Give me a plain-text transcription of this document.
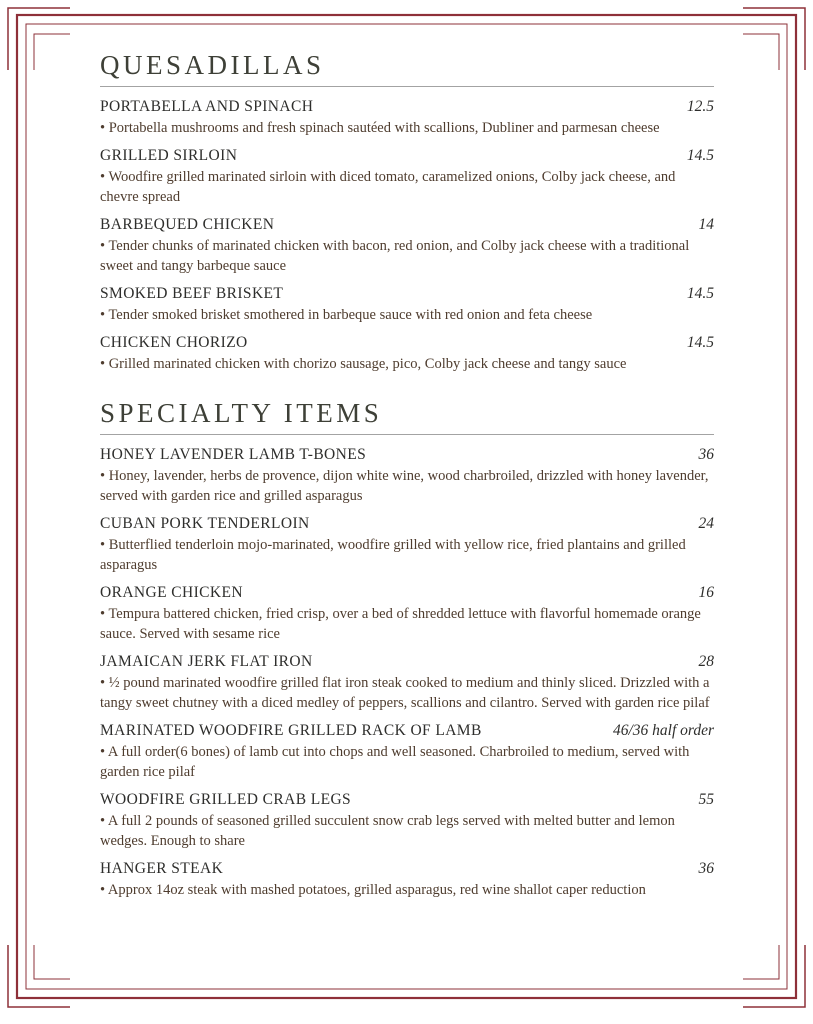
QUESADILLAS
PORTABELLA AND SPINACH	12.5
• Portabella mushrooms and fresh spinach sautéed with scallions, Dubliner and parmesan cheese
GRILLED SIRLOIN	14.5
• Woodfire grilled marinated sirloin with diced tomato, caramelized onions, Colby jack cheese, and chevre spread
BARBEQUED CHICKEN	14
• Tender chunks of marinated chicken with bacon, red onion, and Colby jack cheese with a traditional sweet and tangy barbeque sauce
SMOKED BEEF BRISKET	14.5
• Tender smoked brisket smothered in barbeque sauce with red onion and feta cheese
CHICKEN CHORIZO	14.5
• Grilled marinated chicken with chorizo sausage, pico, Colby jack cheese and tangy sauce
SPECIALTY ITEMS
HONEY LAVENDER LAMB T-BONES	36
• Honey, lavender, herbs de provence, dijon white wine, wood charbroiled, drizzled with honey lavender, served with garden rice and grilled asparagus
CUBAN PORK TENDERLOIN	24
• Butterflied tenderloin mojo-marinated, woodfire grilled with yellow rice, fried plantains and grilled asparagus
ORANGE CHICKEN	16
• Tempura battered chicken, fried crisp, over a bed of shredded lettuce with flavorful homemade orange sauce. Served with sesame rice
JAMAICAN JERK FLAT IRON	28
• ½ pound marinated woodfire grilled flat iron steak cooked to medium and thinly sliced. Drizzled with a tangy sweet chutney with a diced medley of peppers, scallions and cilantro. Served with garden rice pilaf
MARINATED WOODFIRE GRILLED RACK OF LAMB	46/36 half order
• A full order(6 bones) of lamb cut into chops and well seasoned. Charbroiled to medium, served with garden rice pilaf
WOODFIRE GRILLED CRAB LEGS	55
• A full 2 pounds of seasoned grilled succulent snow crab legs served with melted butter and lemon wedges. Enough to share
HANGER STEAK	36
• Approx 14oz steak with mashed potatoes, grilled asparagus, red wine shallot caper reduction
